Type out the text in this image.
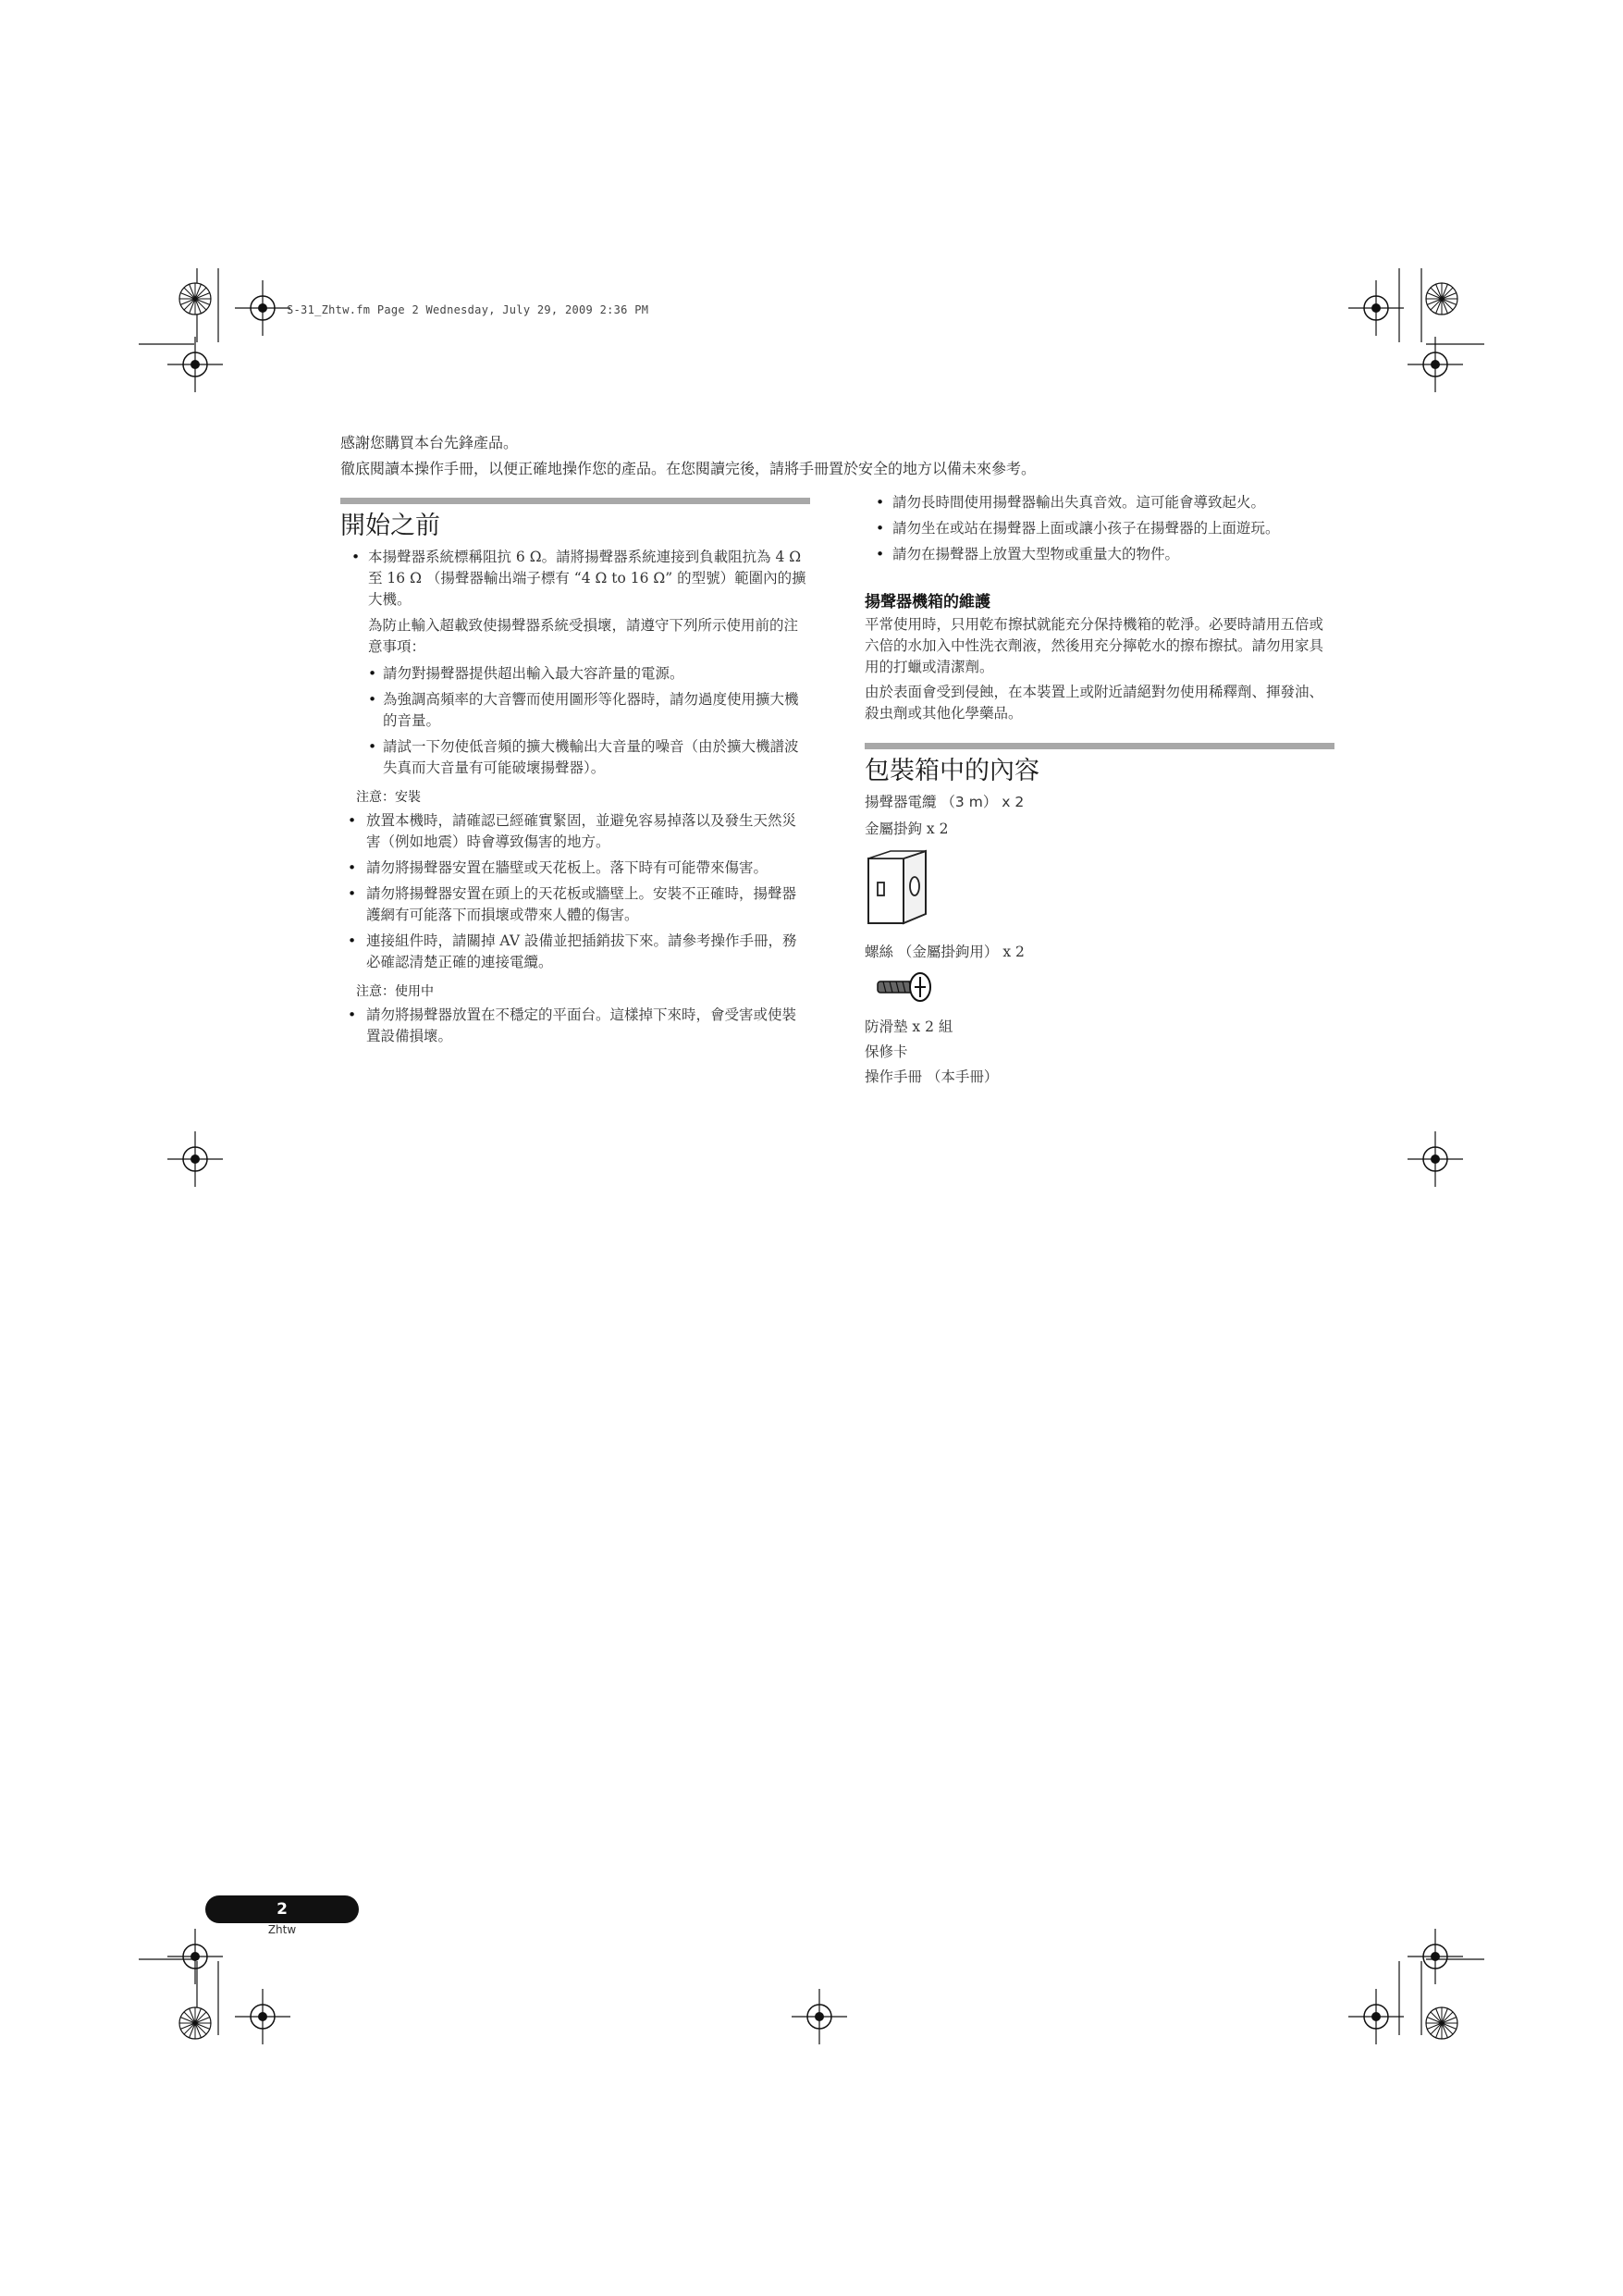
S-31_Zhtw.fm Page 2 Wednesday, July 29, 2009 2:36 PM
感謝您購買本台先鋒產品。
徹底閱讀本操作手冊，以便正確地操作您的產品。在您閱讀完後，請將手冊置於安全的地方以備未來參考。
開始之前
• 本揚聲器系統標稱阻抗 6 Ω。請將揚聲器系統連接到負載阻抗為 4 Ω 至 16 Ω （揚聲器輸出端子標有 “4 Ω to 16 Ω” 的型號）範圍內的擴大機。

為防止輸入超載致使揚聲器系統受損壞，請遵守下列所示使用前的注意事項：

• 請勿對揚聲器提供超出輸入最大容許量的電源。
• 為強調高頻率的大音響而使用圖形等化器時，請勿過度使用擴大機的音量。
• 請試一下勿使低音頻的擴大機輸出大音量的噪音（由於擴大機譜波失真而大音量有可能破壞揚聲器）。
注意：安裝
• 放置本機時，請確認已經確實緊固，並避免容易掉落以及發生天然災害（例如地震）時會導致傷害的地方。
• 請勿將揚聲器安置在牆壁或天花板上。落下時有可能帶來傷害。
• 請勿將揚聲器安置在頭上的天花板或牆壁上。安裝不正確時，揚聲器護網有可能落下而損壞或帶來人體的傷害。
• 連接組件時，請關掉 AV 設備並把插銷拔下來。請參考操作手冊，務必確認清楚正確的連接電纜。
注意：使用中
• 請勿將揚聲器放置在不穩定的平面台。這樣掉下來時，會受害或使裝置設備損壞。
• 請勿長時間使用揚聲器輸出失真音效。這可能會導致起火。
• 請勿坐在或站在揚聲器上面或讓小孩子在揚聲器的上面遊玩。
• 請勿在揚聲器上放置大型物或重量大的物件。
揚聲器機箱的維護

平常使用時，只用乾布擦拭就能充分保持機箱的乾淨。必要時請用五倍或六倍的水加入中性洗衣劑液，然後用充分擰乾水的擦布擦拭。請勿用家具用的打蠟或清潔劑。

由於表面會受到侵蝕，在本裝置上或附近請絕對勿使用稀釋劑、揮發油、殺虫劑或其他化學藥品。

包裝箱中的內容
揚聲器電纜 （3 m） x 2
金屬掛鉤 x 2
螺絲 （金屬掛鉤用） x 2
防滑墊 x 2 組
保修卡
操作手冊 （本手冊）
2
Zhtw
